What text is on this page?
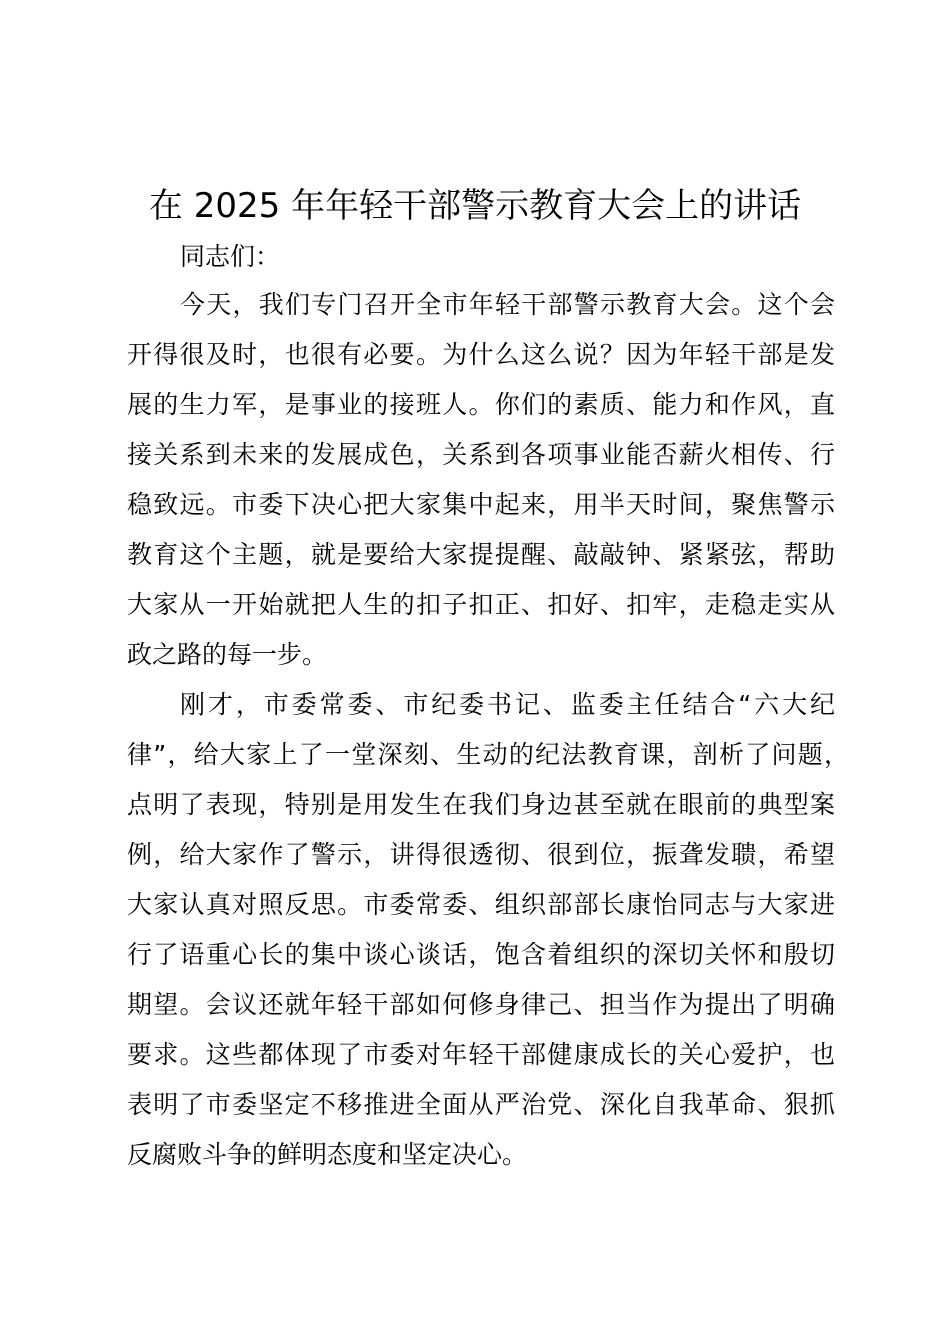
在 2025 年年轻干部警示教育大会上的讲话
同志们：
今天，我们专门召开全市年轻干部警示教育大会。这个会
开得很及时，也很有必要。为什么这么说？因为年轻干部是发
展的生力军，是事业的接班人。你们的素质、能力和作风，直
接关系到未来的发展成色，关系到各项事业能否薪火相传、行
稳致远。市委下决心把大家集中起来，用半天时间，聚焦警示
教育这个主题，就是要给大家提提醒、敲敲钟、紧紧弦，帮助
大家从一开始就把人生的扣子扣正、扣好、扣牢，走稳走实从
政之路的每一步。
刚才，市委常委、市纪委书记、监委主任结合“六大纪
律”，给大家上了一堂深刻、生动的纪法教育课，剖析了问题，
点明了表现，特别是用发生在我们身边甚至就在眼前的典型案
例，给大家作了警示，讲得很透彻、很到位，振聋发聩，希望
大家认真对照反思。市委常委、组织部部长康怡同志与大家进
行了语重心长的集中谈心谈话，饱含着组织的深切关怀和殷切
期望。会议还就年轻干部如何修身律己、担当作为提出了明确
要求。这些都体现了市委对年轻干部健康成长的关心爱护，也
表明了市委坚定不移推进全面从严治党、深化自我革命、狠抓
反腐败斗争的鲜明态度和坚定决心。
